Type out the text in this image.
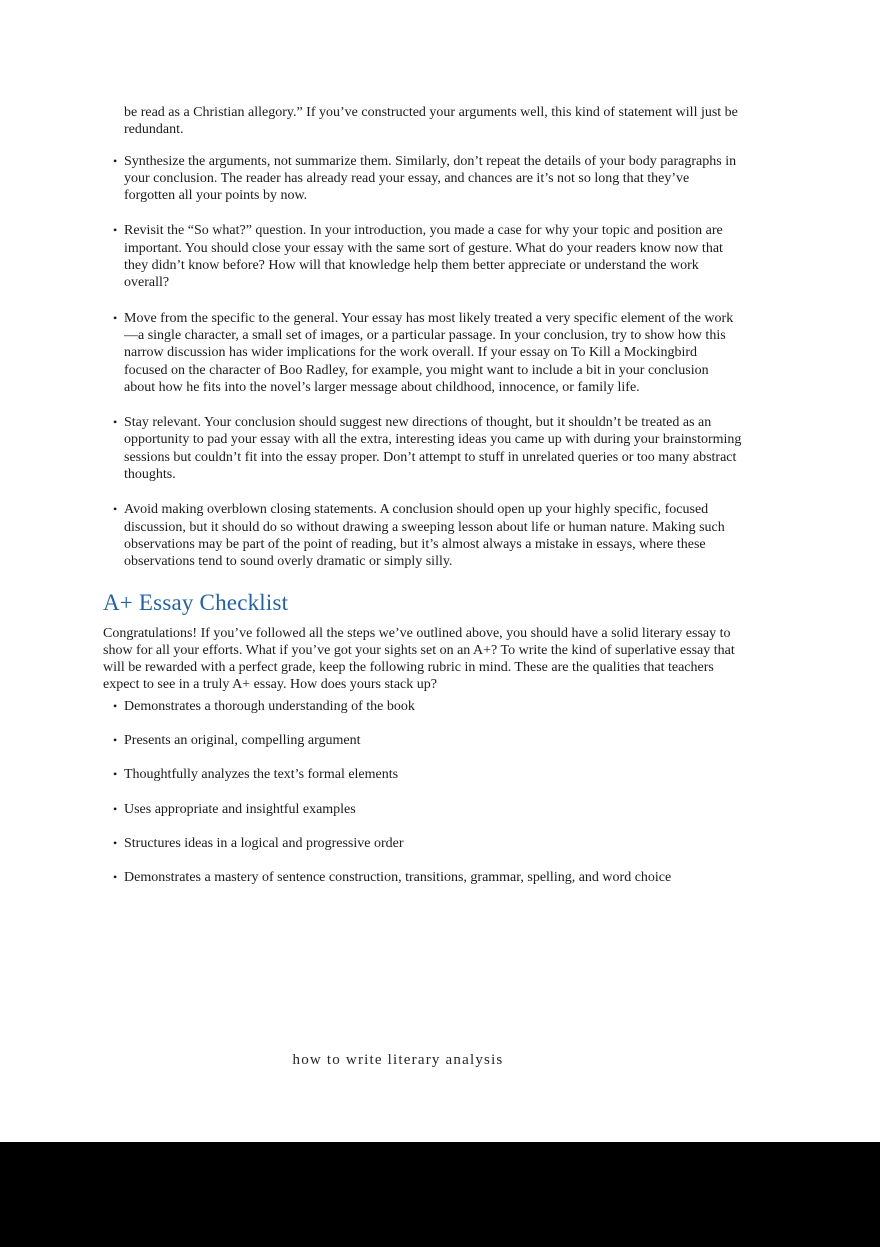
be read as a Christian allegory.” If you’ve constructed your arguments well, this kind of statement will just be redundant.

• Synthesize the arguments, not summarize them. Similarly, don’t repeat the details of your body paragraphs in your conclusion. The reader has already read your essay, and chances are it’s not so long that they’ve forgotten all your points by now.

• Revisit the “So what?” question. In your introduction, you made a case for why your topic and position are important. You should close your essay with the same sort of gesture. What do your readers know now that they didn’t know before? How will that knowledge help them better appreciate or understand the work overall?

• Move from the specific to the general. Your essay has most likely treated a very specific element of the work—a single character, a small set of images, or a particular passage. In your conclusion, try to show how this narrow discussion has wider implications for the work overall. If your essay on To Kill a Mockingbird focused on the character of Boo Radley, for example, you might want to include a bit in your conclusion about how he fits into the novel’s larger message about childhood, innocence, or family life.

• Stay relevant. Your conclusion should suggest new directions of thought, but it shouldn’t be treated as an opportunity to pad your essay with all the extra, interesting ideas you came up with during your brainstorming sessions but couldn’t fit into the essay proper. Don’t attempt to stuff in unrelated queries or too many abstract thoughts.

• Avoid making overblown closing statements. A conclusion should open up your highly specific, focused discussion, but it should do so without drawing a sweeping lesson about life or human nature. Making such observations may be part of the point of reading, but it’s almost always a mistake in essays, where these observations tend to sound overly dramatic or simply silly.

A+ Essay Checklist

Congratulations! If you’ve followed all the steps we’ve outlined above, you should have a solid literary essay to show for all your efforts. What if you’ve got your sights set on an A+? To write the kind of superlative essay that will be rewarded with a perfect grade, keep the following rubric in mind. These are the qualities that teachers expect to see in a truly A+ essay. How does yours stack up?

• Demonstrates a thorough understanding of the book

• Presents an original, compelling argument

• Thoughtfully analyzes the text’s formal elements

• Uses appropriate and insightful examples

• Structures ideas in a logical and progressive order

• Demonstrates a mastery of sentence construction, transitions, grammar, spelling, and word choice

how to write literary analysis
